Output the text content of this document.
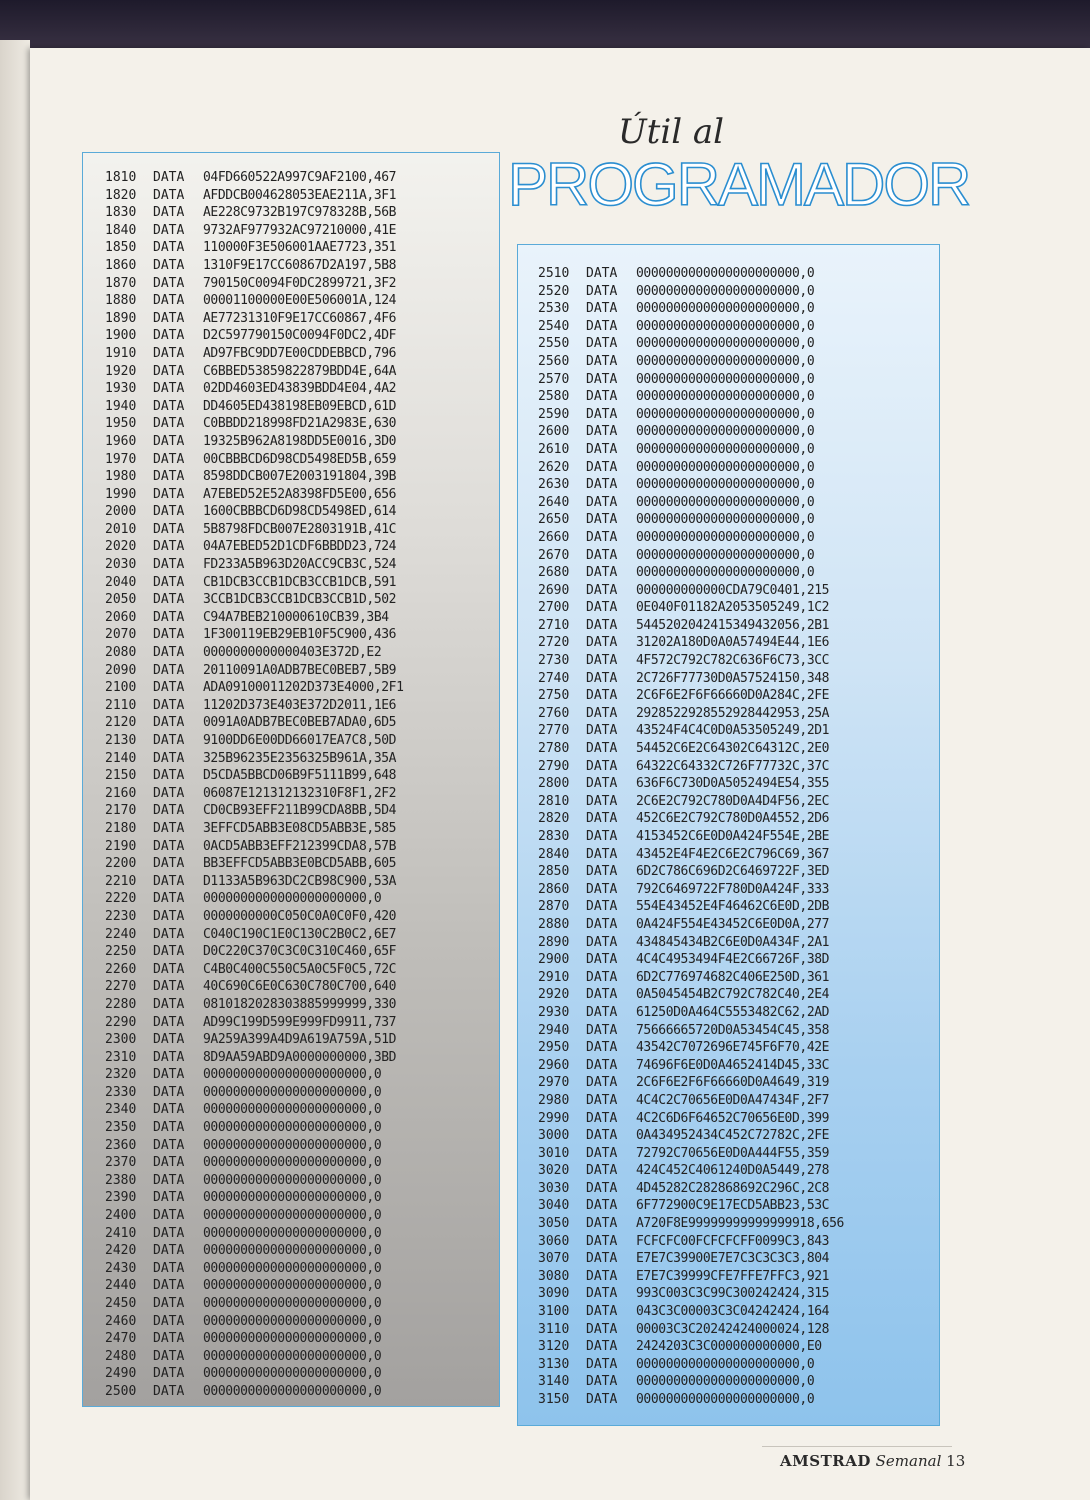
Útil al
PROGRAMADOR
1810	DATA	04FD660522A997C9AF2100,467
1820	DATA	AFDDCB004628053EAE211A,3F1
1830	DATA	AE228C9732B197C978328B,56B
1840	DATA	9732AF977932AC97210000,41E
1850	DATA	110000F3E506001AAE7723,351
1860	DATA	1310F9E17CC60867D2A197,5B8
1870	DATA	790150C0094F0DC2899721,3F2
1880	DATA	00001100000E00E506001A,124
1890	DATA	AE77231310F9E17CC60867,4F6
1900	DATA	D2C597790150C0094F0DC2,4DF
1910	DATA	AD97FBC9DD7E00CDDEBBCD,796
1920	DATA	C6BBED53859822879BDD4E,64A
1930	DATA	02DD4603ED43839BDD4E04,4A2
1940	DATA	DD4605ED438198EB09EBCD,61D
1950	DATA	C0BBDD218998FD21A2983E,630
1960	DATA	19325B962A8198DD5E0016,3D0
1970	DATA	00CBBBCD6D98CD5498ED5B,659
1980	DATA	8598DDCB007E2003191804,39B
1990	DATA	A7EBED52E52A8398FD5E00,656
2000	DATA	1600CBBBCD6D98CD5498ED,614
2010	DATA	5B8798FDCB007E2803191B,41C
2020	DATA	04A7EBED52D1CDF6BBDD23,724
2030	DATA	FD233A5B963D20ACC9CB3C,524
2040	DATA	CB1DCB3CCB1DCB3CCB1DCB,591
2050	DATA	3CCB1DCB3CCB1DCB3CCB1D,502
2060	DATA	C94A7BEB210000610CB39,3B4
2070	DATA	1F300119EB29EB10F5C900,436
2080	DATA	0000000000000403E372D,E2
2090	DATA	20110091A0ADB7BEC0BEB7,5B9
2100	DATA	ADA09100011202D373E4000,2F1
2110	DATA	11202D373E403E372D2011,1E6
2120	DATA	0091A0ADB7BEC0BEB7ADA0,6D5
2130	DATA	9100DD6E00DD66017EA7C8,50D
2140	DATA	325B96235E2356325B961A,35A
2150	DATA	D5CDA5BBCD06B9F5111B99,648
2160	DATA	06087E121312132310F8F1,2F2
2170	DATA	CD0CB93EFF211B99CDA8BB,5D4
2180	DATA	3EFFCD5ABB3E08CD5ABB3E,585
2190	DATA	0ACD5ABB3EFF212399CDA8,57B
2200	DATA	BB3EFFCD5ABB3E0BCD5ABB,605
2210	DATA	D1133A5B963DC2CB98C900,53A
2220	DATA	0000000000000000000000,0
2230	DATA	0000000000C050C0A0C0F0,420
2240	DATA	C040C190C1E0C130C2B0C2,6E7
2250	DATA	D0C220C370C3C0C310C460,65F
2260	DATA	C4B0C400C550C5A0C5F0C5,72C
2270	DATA	40C690C6E0C630C780C700,640
2280	DATA	0810182028303885999999,330
2290	DATA	AD99C199D599E999FD9911,737
2300	DATA	9A259A399A4D9A619A759A,51D
2310	DATA	8D9AA59ABD9A0000000000,3BD
2320	DATA	0000000000000000000000,0
2330	DATA	0000000000000000000000,0
2340	DATA	0000000000000000000000,0
2350	DATA	0000000000000000000000,0
2360	DATA	0000000000000000000000,0
2370	DATA	0000000000000000000000,0
2380	DATA	0000000000000000000000,0
2390	DATA	0000000000000000000000,0
2400	DATA	0000000000000000000000,0
2410	DATA	0000000000000000000000,0
2420	DATA	0000000000000000000000,0
2430	DATA	0000000000000000000000,0
2440	DATA	0000000000000000000000,0
2450	DATA	0000000000000000000000,0
2460	DATA	0000000000000000000000,0
2470	DATA	0000000000000000000000,0
2480	DATA	0000000000000000000000,0
2490	DATA	0000000000000000000000,0
2500	DATA	0000000000000000000000,0
2510	DATA	0000000000000000000000,0
2520	DATA	0000000000000000000000,0
2530	DATA	0000000000000000000000,0
2540	DATA	0000000000000000000000,0
2550	DATA	0000000000000000000000,0
2560	DATA	0000000000000000000000,0
2570	DATA	0000000000000000000000,0
2580	DATA	0000000000000000000000,0
2590	DATA	0000000000000000000000,0
2600	DATA	0000000000000000000000,0
2610	DATA	0000000000000000000000,0
2620	DATA	0000000000000000000000,0
2630	DATA	0000000000000000000000,0
2640	DATA	0000000000000000000000,0
2650	DATA	0000000000000000000000,0
2660	DATA	0000000000000000000000,0
2670	DATA	0000000000000000000000,0
2680	DATA	0000000000000000000000,0
2690	DATA	000000000000CDA79C0401,215
2700	DATA	0E040F01182A2053505249,1C2
2710	DATA	5445202042415349432056,2B1
2720	DATA	31202A180D0A0A57494E44,1E6
2730	DATA	4F572C792C782C636F6C73,3CC
2740	DATA	2C726F77730D0A57524150,348
2750	DATA	2C6F6E2F6F66660D0A284C,2FE
2760	DATA	292852292855292844295З,25A
2770	DATA	43524F4C4C0D0A53505249,2D1
2780	DATA	54452C6E2C64302C64312C,2E0
2790	DATA	64322C64332C726F77732C,37C
2800	DATA	636F6C730D0A5052494E54,355
2810	DATA	2C6E2C792C780D0A4D4F56,2EC
2820	DATA	452C6E2C792C780D0A4552,2D6
2830	DATA	4153452C6E0D0A424F554E,2BE
2840	DATA	43452E4F4E2C6E2C796C69,367
2850	DATA	6D2C786C696D2C6469722F,3ED
2860	DATA	792C6469722F780D0A424F,333
2870	DATA	554E43452E4F46462C6E0D,2DB
2880	DATA	0A424F554E43452C6E0D0A,277
2890	DATA	434845434B2C6E0D0A434F,2A1
2900	DATA	4C4C4953494F4E2C66726F,38D
2910	DATA	6D2C776974682C406E250D,361
2920	DATA	0A5045454B2C792C782C40,2E4
2930	DATA	61250D0A464C5553482C62,2AD
2940	DATA	75666665720D0A53454C45,358
2950	DATA	43542C7072696E745F6F70,42E
2960	DATA	74696F6E0D0A4652414D45,33C
2970	DATA	2C6F6E2F6F66660D0A4649,319
2980	DATA	4C4C2C70656E0D0A47434F,2F7
2990	DATA	4C2C6D6F64652C70656E0D,399
3000	DATA	0A434952434C452C72782C,2FE
3010	DATA	72792C70656E0D0A444F55,359
3020	DATA	424C452C4061240D0A5449,278
3030	DATA	4D45282C282868692C296C,2C8
3040	DATA	6F772900C9E17ECD5ABB23,53C
3050	DATA	A720F8E99999999999999918,656
3060	DATA	FCFCFC00FCFCFCFF0099C3,843
3070	DATA	E7E7C39900E7E7C3C3C3C3,804
3080	DATA	E7E7C39999CFE7FFE7FFC3,921
3090	DATA	993C003C3C99C300242424,315
3100	DATA	043C3C00003C3C04242424,164
3110	DATA	00003C3C20242424000024,128
3120	DATA	2424203C3C000000000000,E0
3130	DATA	0000000000000000000000,0
3140	DATA	0000000000000000000000,0
3150	DATA	0000000000000000000000,0
AMSTRAD Semanal 13
